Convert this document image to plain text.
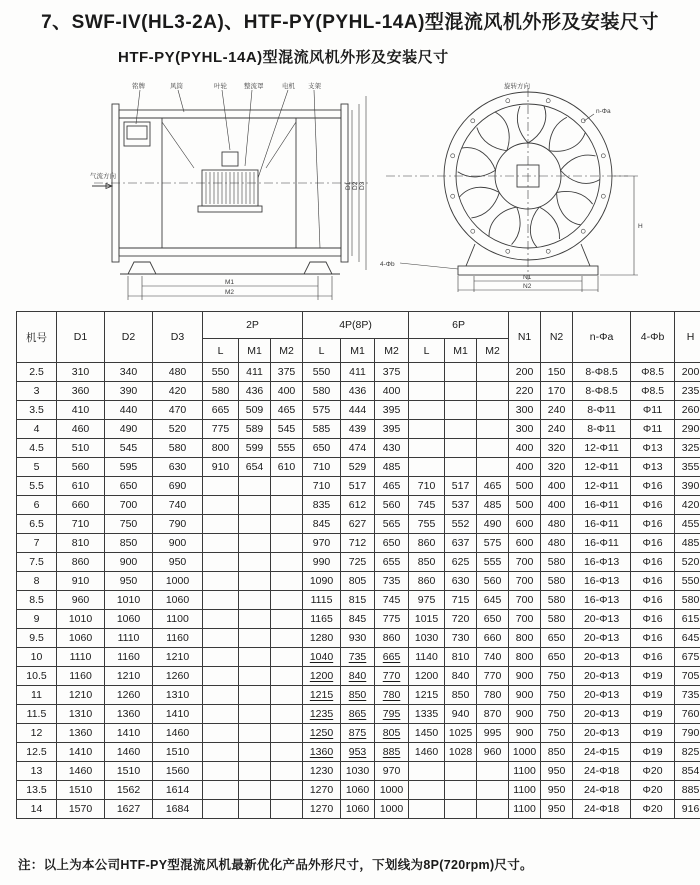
7、SWF-IV(HL3-2A)、HTF-PY(PYHL-14A)型混流风机外形及安装尺寸
HTF-PY(PYHL-14A)型混流风机外形及安装尺寸
铭牌	风筒	叶轮	整流罩	电机 支架
气流方向
M1
M2
D1 D2 D3
旋转方向
n-Φa
4-Φb
N1
N2
H
机号	D1	D2	D3	2P			4P(8P)			6P			N1	N2	n-Φa	4-Φb	H
				L	M1	M2	L	M1	M2	L	M1	M2					
2.5	310	340	480	550	411	375	550	411	375				200	150	8-Φ8.5	Φ8.5	200
3	360	390	420	580	436	400	580	436	400				220	170	8-Φ8.5	Φ8.5	235
3.5	410	440	470	665	509	465	575	444	395				300	240	8-Φ11	Φ11	260
4	460	490	520	775	589	545	585	439	395				300	240	8-Φ11	Φ11	290
4.5	510	545	580	800	599	555	650	474	430				400	320	12-Φ11	Φ13	325
5	560	595	630	910	654	610	710	529	485				400	320	12-Φ11	Φ13	355
5.5	610	650	690				710	517	465	710	517	465	500	400	12-Φ11	Φ16	390
6	660	700	740				835	612	560	745	537	485	500	400	16-Φ11	Φ16	420
6.5	710	750	790				845	627	565	755	552	490	600	480	16-Φ11	Φ16	455
7	810	850	900				970	712	650	860	637	575	600	480	16-Φ11	Φ16	485
7.5	860	900	950				990	725	655	850	625	555	700	580	16-Φ13	Φ16	520
8	910	950	1000				1090	805	735	860	630	560	700	580	16-Φ13	Φ16	550
8.5	960	1010	1060				1115	815	745	975	715	645	700	580	16-Φ13	Φ16	580
9	1010	1060	1100				1165	845	775	1015	720	650	700	580	20-Φ13	Φ16	615
9.5	1060	1110	1160				1280	930	860	1030	730	660	800	650	20-Φ13	Φ16	645
10	1110	1160	1210				1040	735	665	1140	810	740	800	650	20-Φ13	Φ16	675
10.5	1160	1210	1260				1200	840	770	1200	840	770	900	750	20-Φ13	Φ19	705
11	1210	1260	1310				1215	850	780	1215	850	780	900	750	20-Φ13	Φ19	735
11.5	1310	1360	1410				1235	865	795	1335	940	870	900	750	20-Φ13	Φ19	760
12	1360	1410	1460				1250	875	805	1450	1025	995	900	750	20-Φ13	Φ19	790
12.5	1410	1460	1510				1360	953	885	1460	1028	960	1000	850	24-Φ15	Φ19	825
13	1460	1510	1560				1230	1030	970				1100	950	24-Φ18	Φ20	854
13.5	1510	1562	1614				1270	1060	1000				1100	950	24-Φ18	Φ20	885
14	1570	1627	1684				1270	1060	1000				1100	950	24-Φ18	Φ20	916
注：以上为本公司HTF-PY型混流风机最新优化产品外形尺寸，下划线为8P(720rpm)尺寸。
